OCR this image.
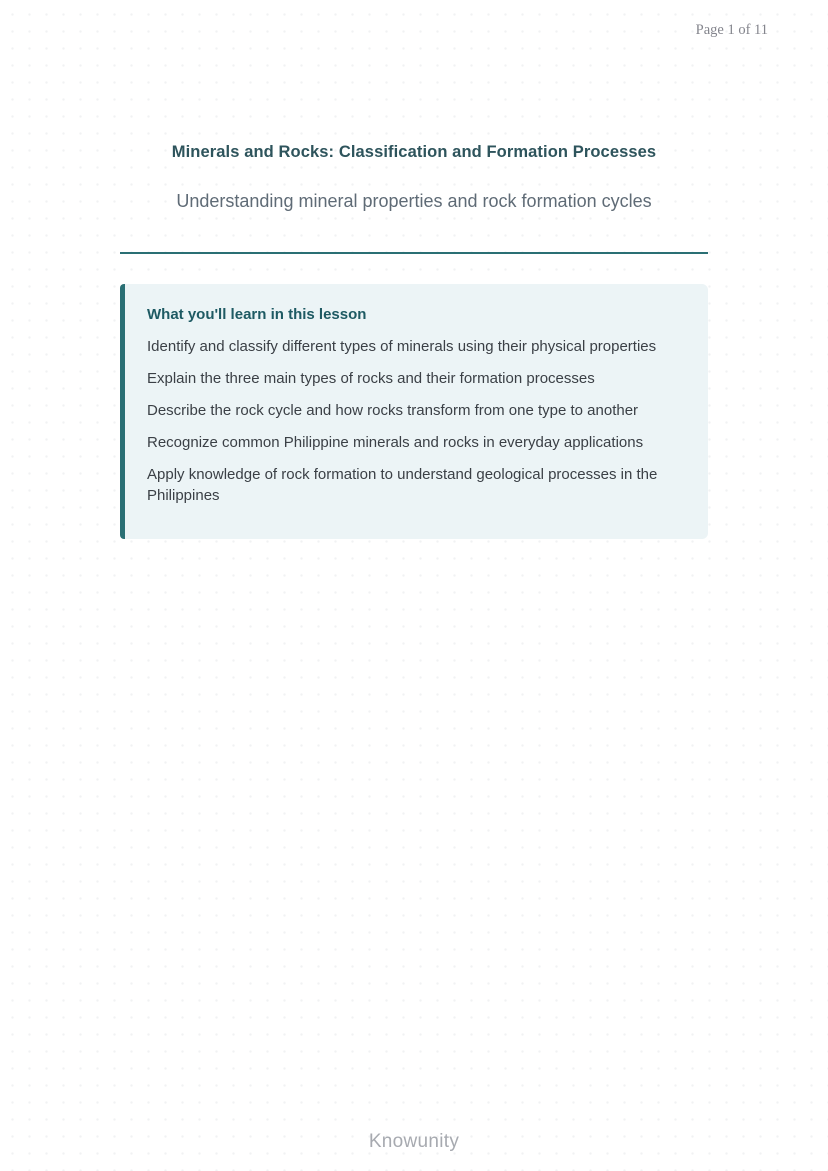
Page 1 of 11
Minerals and Rocks: Classification and Formation Processes
Understanding mineral properties and rock formation cycles
What you'll learn in this lesson
Identify and classify different types of minerals using their physical properties
Explain the three main types of rocks and their formation processes
Describe the rock cycle and how rocks transform from one type to another
Recognize common Philippine minerals and rocks in everyday applications
Apply knowledge of rock formation to understand geological processes in the Philippines
Knowunity
